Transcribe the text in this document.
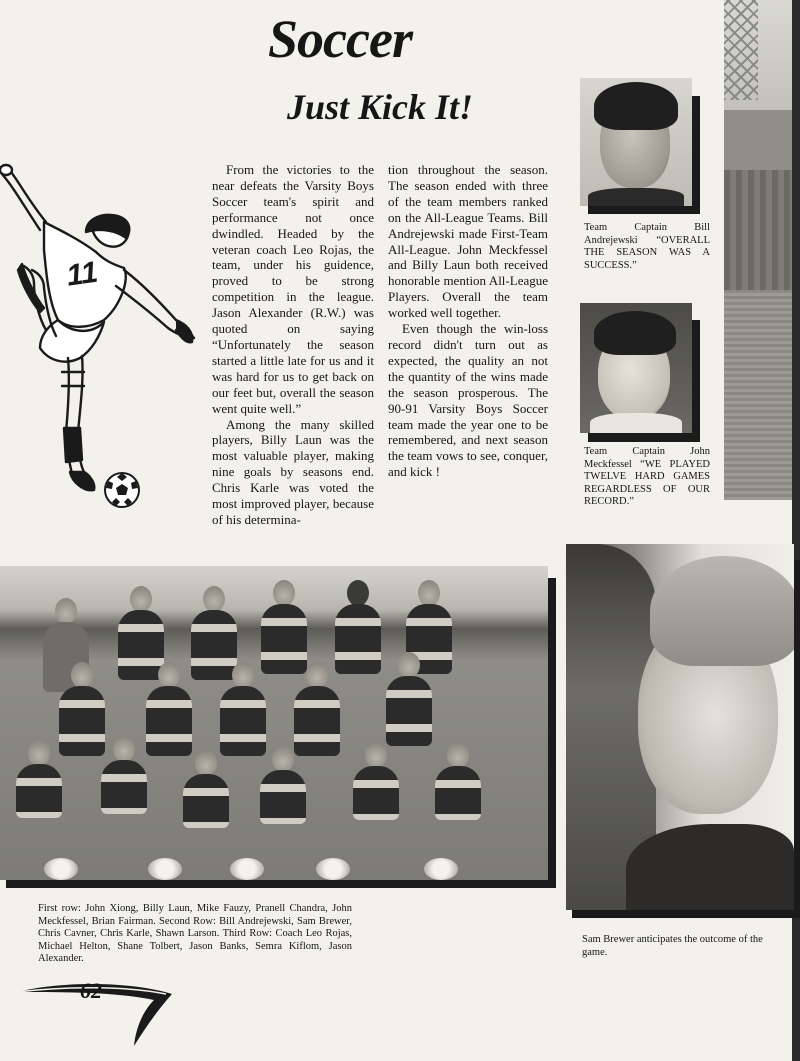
Soccer
Just Kick It!
11

From the victories to the near defeats the Varsity Boys Soccer team's spirit and performance not once dwindled. Headed by the veteran coach Leo Rojas, the team, under his guidence, proved to be strong competition in the league. Jason Alexander (R.W.) was quoted on saying “Unfortunately the season started a little late for us and it was hard for us to get back on our feet but, overall the season went quite well.”

Among the many skilled players, Billy Laun was the most valuable player, making nine goals by seasons end. Chris Karle was voted the most improved player, because of his determina-

tion throughout the season. The season ended with three of the team members ranked on the All-League Teams. Bill Andrejewski made First-Team All-League. John Meckfessel and Billy Laun both received honorable mention All-League Players. Overall the team worked well together.

Even though the win-loss record didn't turn out as expected, the quality an not the quantity of the wins made the season prosperous. The 90-91 Varsity Boys Soccer team made the year one to be remembered, and next season the team vows to see, conquer, and kick !

Team Captain Bill Andrejewski “OVERALL THE SEASON WAS A SUCCESS.”
Team Captain John Meckfessel “WE PLAYED TWELVE HARD GAMES REGARDLESS OF OUR RECORD.”
First row: John Xiong, Billy Laun, Mike Fauzy, Pranell Chandra, John Meckfessel, Brian Fairman. Second Row: Bill Andrejewski, Sam Brewer, Chris Cavner, Chris Karle, Shawn Larson. Third Row: Coach Leo Rojas, Michael Helton, Shane Tolbert, Jason Banks, Semra Kiflom, Jason Alexander.
Sam Brewer anticipates the outcome of the game.
62
